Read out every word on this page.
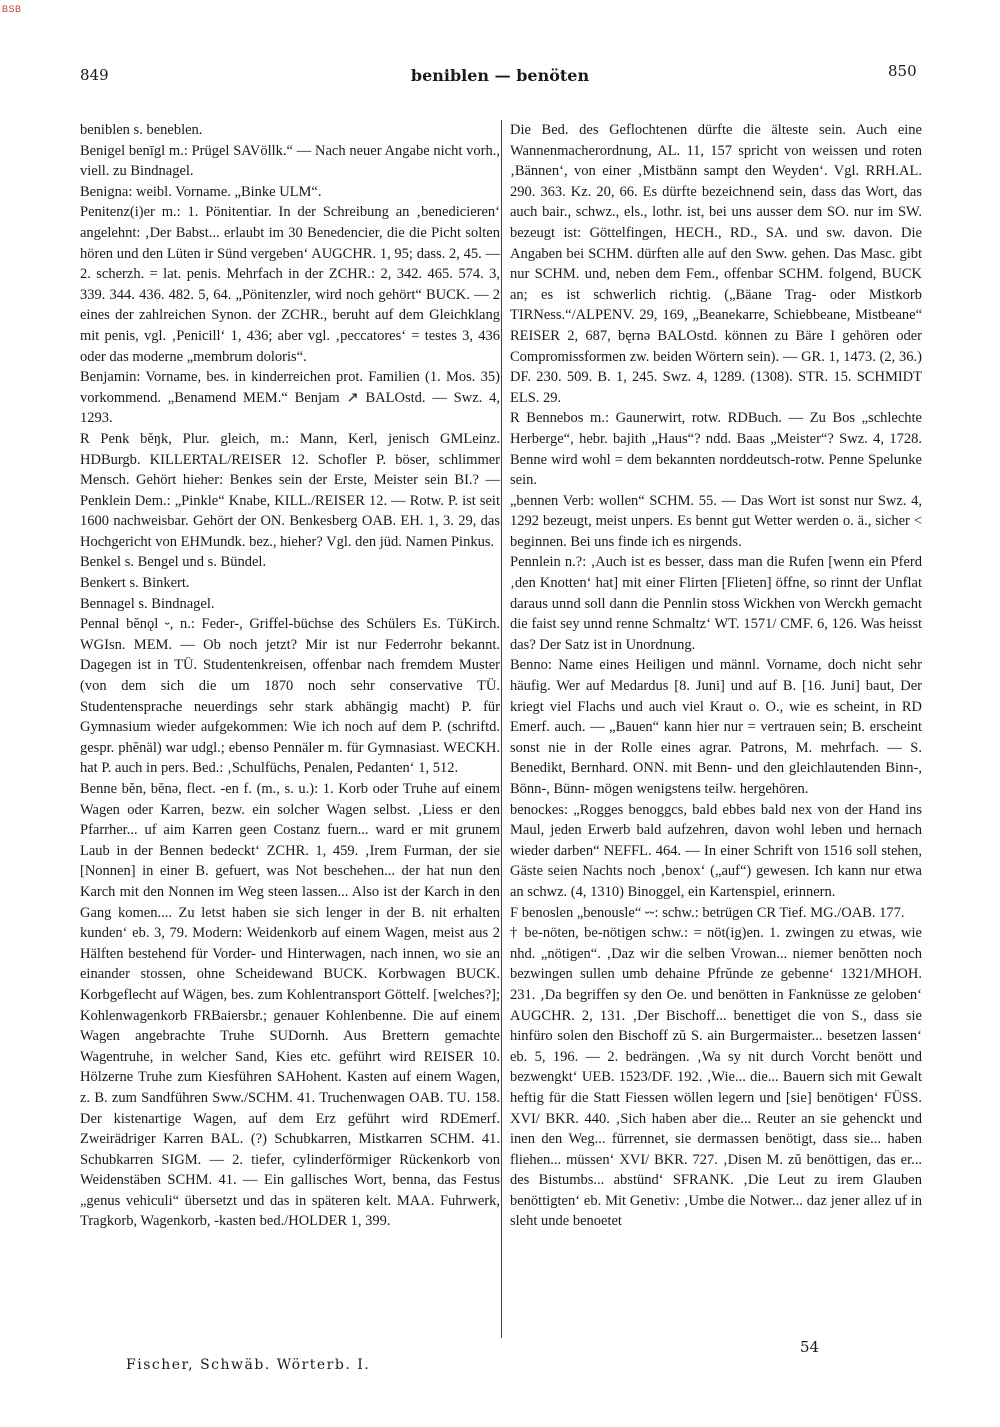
BSB
849	beniblen — benöten	850

beniblen s. beneblen.

Benigel benīgl m.: Prügel SAVöllk.“ — Nach neuer Angabe nicht vorh., viell. zu Bindnagel.

Benigna: weibl. Vorname. „Binke ULM“.

Penitenz(i)er m.: 1. Pönitentiar. In der Schreibung an ‚benedicieren‘ angelehnt: ‚Der Babst... erlaubt im 30 Benedencier, die die Picht solten hören und den Lüten ir Sünd vergeben‘ AUGCHR. 1, 95; dass. 2, 45. — 2. scherzh. = lat. penis. Mehrfach in der ZCHR.: 2, 342. 465. 574. 3, 339. 344. 436. 482. 5, 64. „Pönitenzler, wird noch gehört“ BUCK. — 2 eines der zahlreichen Synon. der ZCHR., beruht auf dem Gleichklang mit penis, vgl. ‚Penicill‘ 1, 436; aber vgl. ‚peccatores‘ = testes 3, 436 oder das moderne „membrum doloris“.

Benjamin: Vorname, bes. in kinderreichen prot. Familien (1. Mos. 35) vorkommend. „Benamend MEM.“ Benjam ↗ BALOstd. — Swz. 4, 1293.

R Penk bĕŋk, Plur. gleich, m.: Mann, Kerl, jenisch GMLeinz. HDBurgb. KILLERTAL/REISER 12. Schofler P. böser, schlimmer Mensch. Gehört hieher: Benkes sein der Erste, Meister sein BI.? — Penklein Dem.: „Pinkle“ Knabe, KILL./REISER 12. — Rotw. P. ist seit 1600 nachweisbar. Gehört der ON. Benkesberg OAB. EH. 1, 3. 29, das Hochgericht von EHMundk. bez., hieher? Vgl. den jüd. Namen Pinkus.

Benkel s. Bengel und s. Bündel.

Benkert s. Binkert.

Bennagel s. Bindnagel.

Pennal bĕnǫl ⏑, n.: Feder-, Griffel-büchse des Schülers Es. TüKirch. WGIsn. MEM. — Ob noch jetzt? Mir ist nur Federrohr bekannt. Dagegen ist in TÜ. Studentenkreisen, offenbar nach fremdem Muster (von dem sich die um 1870 noch sehr conservative TÜ. Studentensprache neuerdings sehr stark abhängig macht) P. für Gymnasium wieder aufgekommen: Wie ich noch auf dem P. (schriftd. gespr. phĕnäl) war udgl.; ebenso Pennäler m. für Gymnasiast. WECKH. hat P. auch in pers. Bed.: ‚Schulfüchs, Penalen, Pedanten‘ 1, 512.

Benne bĕn, bĕnə, flect. -en f. (m., s. u.): 1. Korb oder Truhe auf einem Wagen oder Karren, bezw. ein solcher Wagen selbst. ‚Liess er den Pfarrher... uf aim Karren geen Costanz fuern... ward er mit grunem Laub in der Bennen bedeckt‘ ZCHR. 1, 459. ‚Irem Furman, der sie [Nonnen] in einer B. gefuert, was Not beschehen... der hat nun den Karch mit den Nonnen im Weg steen lassen... Also ist der Karch in den Gang komen.... Zu letst haben sie sich lenger in der B. nit erhalten kunden‘ eb. 3, 79. Modern: Weidenkorb auf einem Wagen, meist aus 2 Hälften bestehend für Vorder- und Hinterwagen, nach innen, wo sie an einander stossen, ohne Scheidewand BUCK. Korbwagen BUCK. Korbgeflecht auf Wägen, bes. zum Kohlentransport Göttelf. [welches?]; Kohlenwagenkorb FRBaiersbr.; genauer Kohlenbenne. Die auf einem Wagen angebrachte Truhe SUDornh. Aus Brettern gemachte Wagentruhe, in welcher Sand, Kies etc. geführt wird REISER 10. Hölzerne Truhe zum Kiesführen SAHohent. Kasten auf einem Wagen, z. B. zum Sandführen Sww./SCHM. 41. Truchenwagen OAB. TU. 158. Der kistenartige Wagen, auf dem Erz geführt wird RDEmerf. Zweirädriger Karren BAL. (?) Schubkarren, Mistkarren SCHM. 41. Schubkarren SIGM. — 2. tiefer, cylinderförmiger Rückenkorb von Weidenstäben SCHM. 41. — Ein gallisches Wort, benna, das Festus „genus vehiculi“ übersetzt und das in späteren kelt. MAA. Fuhrwerk, Tragkorb, Wagenkorb, -kasten bed./HOLDER 1, 399.

Die Bed. des Geflochtenen dürfte die älteste sein. Auch eine Wannenmacherordnung, AL. 11, 157 spricht von weissen und roten ‚Bännen‘, von einer ‚Mistbänn sampt den Weyden‘. Vgl. RRH.AL. 290. 363. Kz. 20, 66. Es dürfte bezeichnend sein, dass das Wort, das auch bair., schwz., els., lothr. ist, bei uns ausser dem SO. nur im SW. bezeugt ist: Göttelfingen, HECH., RD., SA. und sw. davon. Die Angaben bei SCHM. dürften alle auf den Sww. gehen. Das Masc. gibt nur SCHM. und, neben dem Fem., offenbar SCHM. folgend, BUCK an; es ist schwerlich richtig. („Bäane Trag- oder Mistkorb TIRNess.“/ALPENV. 29, 169, „Beanekarre, Schiebbeane, Mistbeane“ REISER 2, 687, bęrnə BALOstd. können zu Bäre I gehören oder Compromissformen zw. beiden Wörtern sein). — GR. 1, 1473. (2, 36.) DF. 230. 509. B. 1, 245. Swz. 4, 1289. (1308). STR. 15. SCHMIDT ELS. 29.

R Bennebos m.: Gaunerwirt, rotw. RDBuch. — Zu Bos „schlechte Herberge“, hebr. bajith „Haus“? ndd. Baas „Meister“? Swz. 4, 1728. Benne wird wohl = dem bekannten norddeutsch-rotw. Penne Spelunke sein.

„bennen Verb: wollen“ SCHM. 55. — Das Wort ist sonst nur Swz. 4, 1292 bezeugt, meist unpers. Es bennt gut Wetter werden o. ä., sicher < beginnen. Bei uns finde ich es nirgends.

Pennlein n.?: ‚Auch ist es besser, dass man die Rufen [wenn ein Pferd ‚den Knotten‘ hat] mit einer Flirten [Flieten] öffne, so rinnt der Unflat daraus unnd soll dann die Pennlin stoss Wickhen von Werckh gemacht die faist sey unnd renne Schmaltz‘ WT. 1571/ CMF. 6, 126. Was heisst das? Der Satz ist in Unordnung.

Benno: Name eines Heiligen und männl. Vorname, doch nicht sehr häufig. Wer auf Medardus [8. Juni] und auf B. [16. Juni] baut, Der kriegt viel Flachs und auch viel Kraut o. O., wie es scheint, in RD Emerf. auch. — „Bauen“ kann hier nur = vertrauen sein; B. erscheint sonst nie in der Rolle eines agrar. Patrons, M. mehrfach. — S. Benedikt, Bernhard. ONN. mit Benn- und den gleichlautenden Binn-, Bönn-, Bünn- mögen wenigstens teilw. hergehören.

benockes: „Rogges benoggcs, bald ebbes bald nex von der Hand ins Maul, jeden Erwerb bald aufzehren, davon wohl leben und hernach wieder darben“ NEFFL. 464. — In einer Schrift von 1516 soll stehen, Gäste seien Nachts noch ‚benox‘ („auf“) gewesen. Ich kann nur etwa an schwz. (4, 1310) Binoggel, ein Kartenspiel, erinnern.

F benoslen „benousle“ ⏑⏑: schw.: betrügen CR Tief. MG./OAB. 177.

† be-nöten, be-nötigen schw.: = nöt(ig)en. 1. zwingen zu etwas, wie nhd. „nötigen“. ‚Daz wir die selben Vrowan... niemer benŏtten noch bezwingen sullen umb dehaine Pfrŭnde ze gebenne‘ 1321/MHOH. 231. ‚Da begriffen sy den Oe. und benötten in Fanknüsse ze geloben‘ AUGCHR. 2, 131. ‚Der Bischoff... benettiget die von S., dass sie hinfüro solen den Bischoff zŭ S. ain Burgermaister... besetzen lassen‘ eb. 5, 196. — 2. bedrängen. ‚Wa sy nit durch Vorcht benött und bezwengkt‘ UEB. 1523/DF. 192. ‚Wie... die... Bauern sich mit Gewalt heftig für die Statt Fiessen wöllen legern und [sie] benötigen‘ FÜSS. XVI/ BKR. 440. ‚Sich haben aber die... Reuter an sie gehenckt und inen den Weg... fürrennet, sie dermassen benötigt, dass sie... haben fliehen... müssen‘ XVI/ BKR. 727. ‚Disen M. zŭ benöttigen, das er... des Bistumbs... abstünd‘ SFRANK. ‚Die Leut zu irem Glauben benöttigten‘ eb. Mit Genetiv: ‚Umbe die Notwer... daz jener allez uf in sleht unde benoetet

Fischer, Schwäb. Wörterb. I.
54
